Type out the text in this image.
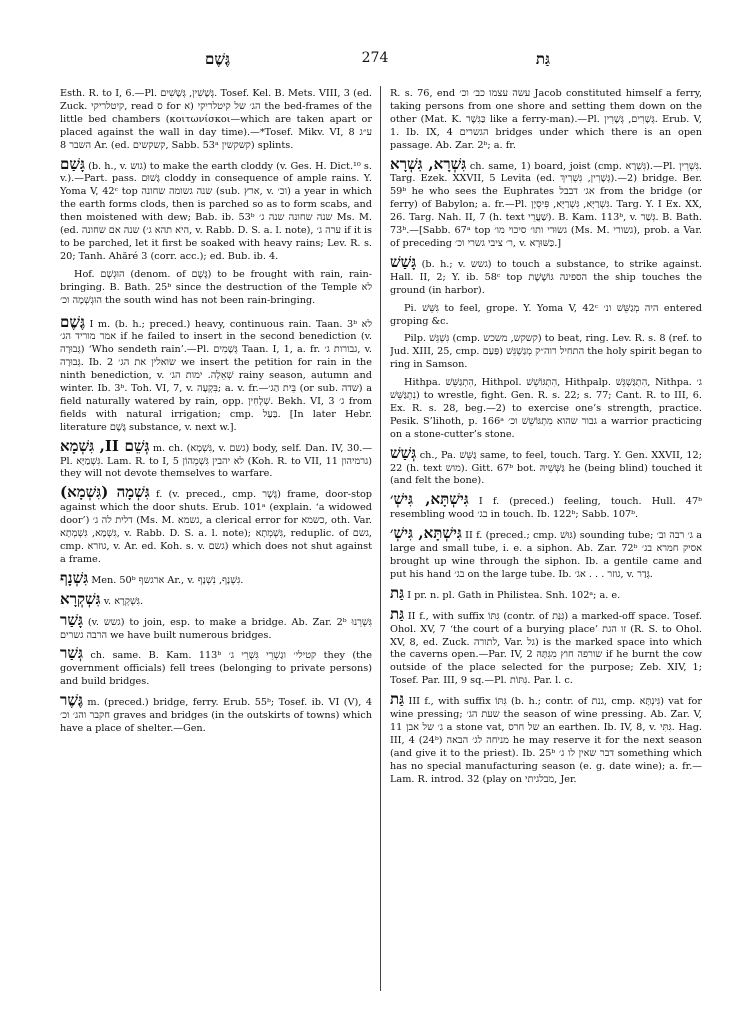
גֶּשֶׁם	274	גַּת

Esth. R. to I, 6.—Pl. גְּשָׁשִׁין, גְּשָׁשִׁים. Tosef. Kel. B. Mets. VIII, 3 (ed. Zuck. קיטלריקי, read ס for א) הג׳ של קיטלריקי the bed-frames of the little bed chambers (κοιτωνίσκοι—which are taken apart or placed against the wall in day time).—*Tosef. Mikv. VI, 8 ע״ג השבר 8 Ar. (ed. קשקשים, Sabb. 53ᵃ קשקשין) splints.

גָּשַׁם (b. h., v. גוש) to make the earth cloddy (v. Ges. H. Dict.¹⁰ s. v.).—Part. pass. גָּשׁוּם cloddy in consequence of ample rains. Y. Yoma V, 42ᶜ top שנה גשומה שחונה (sub. ארץ, v. וכ׳) a year in which the earth forms clods, then is parched so as to form scabs, and then moistened with dew; Bab. ib. 53ᵇ שנה שחונה שנה ג׳ Ms. M. (ed. שנה אם שחונה (היא תהא ג׳, v. Rabb. D. S. a. l. note), ערה ג׳ if it is to be parched, let it first be soaked with heavy rains; Lev. R. s. 20; Tanh. Ahăré 3 (corr. acc.); ed. Bub. ib. 4.

Hof. הוּגְשָׁם (denom. of גֶּשֶׁם) to be frought with rain, rain-bringing. B. Bath. 25ᵇ since the destruction of the Temple לא הוּגְשְׁמָה וכ׳ the south wind has not been rain-bringing.

גֶּשֶׁם I m. (b. h.; preced.) heavy, continuous rain. Taan. 3ᵇ לא אמר מוריד הג׳ if he failed to insert in the second benediction (v. גְּבוּרָה) ‘Who sendeth rain’.—Pl. גְּשָׁמִים Taan. I, 1, a. fr. גבורות ג׳, v. גְּבוּרָה. Ib. 2 שואלין את הג׳ we insert the petition for rain in the ninth benediction, v. שְׁאֵלָה. ימות הג׳ rainy season, autumn and winter. Ib. 3ᵇ. Toh. VI, 7, v. בִּקְעָה; a. v. fr.—בֵּית הַג׳ (or sub. שדה) a field naturally watered by rain, opp. שְׁלָחִין. Bekh. VI, 3 ג׳ from fields with natural irrigation; cmp. בַּעַל. [In later Hebr. literature גֶּשֶׁם substance, v. next w.].

גְּשֵׁם II, גִּשְׁמָא m. ch. (גִּשְׁמָא, v. גשם) body, self. Dan. IV, 30.—Pl. גִּשְׁמַיָּא. Lam. R. to I, 5 לא יהבין גִּשְׁמְהוֹן (Koh. R. to VII, 11 גרמיהון) they will not devote themselves to warfare.

גִּשְׁמָה (גִּשְׁמָא) f. (v. preced., cmp. גֶּשֶׁר) frame, door-stop against which the door shuts. Erub. 101ᵃ (explain. ‘a widowed door’) דלית לה ג׳ (Ms. M. גשמא, a clerical error for כשמא, oth. Var. גִּשְׁמָא, גִּשְׁמְתָא, v. Rabb. D. S. a. l. note); גִּשְׁמְתָא, reduplic. of גשם, cmp. גוזרא, v. Ar. ed. Koh. s. v. גשם) which does not shut against a frame.

גִּשְׁנָף Men. 50ᵇ ארגשף Ar., v. גִּשְׁנָף, נִשְׁנָף.

גִּשְׁקְרָא v. גִּשְׁקְרָא.

גָּשַׁר (v. גשש) to join, esp. to make a bridge. Ab. Zar. 2ᵇ גִּשְׁרֵנוּ הרבה גשרים we have built numerous bridges.

גְּשַׁר ch. same. B. Kam. 113ᵇ קטילי׳ וגַשְׁרֵי גִּשְׁרֵי ג׳ they (the government officials) fell trees (belonging to private persons) and build bridges.

גֶּשֶׁר m. (preced.) bridge, ferry. Erub. 55ᵇ; Tosef. ib. VI (V), 4 חקבר והג׳ וכ׳ graves and bridges (in the outskirts of towns) which have a place of shelter.—Gen.

R. s. 76, end עשה עצמו כב׳ וכ׳ Jacob constituted himself a ferry, taking persons from one shore and setting them down on the other (Mat. K. כַּגִּשֶׁר like a ferry-man).—Pl. גְּשָׁרִים, גְּשָׁרִין. Erub. V, 1. Ib. IX, 4 הגשרים bridges under which there is an open passage. Ab. Zar. 2ᵇ; a. fr.

גִּשְׁרָא, גִּשְׁרָא ch. same, 1) board, joist (cmp. גִּשְׁרָא).—Pl. גִּשְׁרֵין. Targ. Ezek. XXVII, 5 Levita (ed. גְּשָׁרִין, גִּשְׁרִיךְ).—2) bridge. Ber. 59ᵇ he who sees the Euphrates אג׳ דבבל from the bridge (or ferry) of Babylon; a. fr.—Pl. גִּשְׁרַיָּא, גִּשְׁרַיָּא, פִּיסְיָן. Targ. Y. I Ex. XX, 26. Targ. Nah. II, 7 (h. text שַׁעֲרֵי). B. Kam. 113ᵇ, v. גְּשַׁר. B. Bath. 73ᵇ.—[Sabb. 67ᵃ top גשוּרי ותו׳ סיכוי מו׳ (Ms. M. גשורי), prob. a Var. of preceding ר׳ ציבי גשרי וכ׳, v. כַּשּׁוּרָא.]

גָּשַׁשׁ (b. h.; v. גשש) to touch a substance, to strike against. Hall. II, 2; Y. ib. 58ᶜ top הספינה גּוֹשֶׁשֶׁת the ship touches the ground (in harbor).

Pi. גִּשֵּׁשׁ to feel, grope. Y. Yoma V, 42ᶜ היה מְגַשֵּׁשׁ ונ׳ entered groping &c.

Pilp. גִּשְׁגֵּשׁ (cmp. קשקש, משכש) to beat, ring. Lev. R. s. 8 (ref. to Jud. XIII, 25, cmp. פַּעַם) התחיל רוה״ק מְגַשְׁגֵּשׁ the holy spirit began to ring in Samson.

Hithpa. הִתְגַּשֵּׁשׁ, Hithpol. הִתְגּוֹשֵׁשׁ, Hithpalp. הִתְגַּשְׁגֵּשׁ, Nithpa. ג׳ נִתְגַּשֵּׁשׁ) to wrestle, fight. Gen. R. s. 22; s. 77; Cant. R. to III, 6. Ex. R. s. 28, beg.—2) to exercise one’s strength, practice. Pesik. S’lihoth, p. 166ᵃ גבור שהוא מִתְגּוֹשֵׁשׁ וכ׳ a warrior practicing on a stone-cutter’s stone.

גְּשַׁשׁ ch., Pa. גַּשֵּׁשׁ same, to feel, touch. Targ. Y. Gen. XXVII, 12; 22 (h. text מוש). Gitt. 67ᵇ bot. גַּשְּׁשֵׁיהּ he (being blind) touched it (and felt the bone).

גִּישְׁתָּא, גִּישְׁ׳ I f. (preced.) feeling, touch. Hull. 47ᵇ resembling wood בג׳ in touch. Ib. 122ᵇ; Sabb. 107ᵇ.

גִּישְׁתָּא, גִּישְׁ׳ II f. (preced.; cmp. גּוּשׁ) sounding tube; ג׳ רבה וב׳ a large and small tube, i. e. a siphon. Ab. Zar. 72ᵇ אסיק חמרא בג׳ brought up wine through the siphon. Ib. a gentile came and put his hand בג׳ on the large tube. Ib. גוזר . . . אג׳, v. גְּדַר.

גַּת I pr. n. pl. Gath in Philistea. Snh. 102ᵃ; a. e.

גַּת II f., with suffix גִּתּוֹ (contr. of גִּנַּת) a marked-off space. Tosef. Ohol. XV, 7 ‘the court of a burying place’ זו הגת (R. S. to Ohol. XV, 8, ed. Zuck. לתורה, Var. גל) is the marked space into which the caverns open.—Par. IV, 2 שורפה חוץ מִגִּתָּהּ if he burnt the cow outside of the place selected for the purpose; Zeb. XIV, 1; Tosef. Par. III, 9 sq.—Pl. גִּתּוֹת. Par. l. c.

גַּת III f., with suffix גִּתּוֹ (b. h.; contr. of גנת, cmp. גִּינְתָּא) vat for wine pressing; שעת הג׳ the season of wine pressing. Ab. Zar. V, 11 ג׳ של אבן a stone vat, של חרס an earthen. Ib. IV, 8, v. גִּתִּי. Hag. III, 4 (24ᵇ) מניחה לג׳ הבאה he may reserve it for the next season (and give it to the priest). Ib. 25ᵇ דבר שאין לו ג׳ something which has no special manufacturing season (e. g. date wine); a. fr.—Lam. R. introd. 32 (play on מבלגיתי, Jer.
